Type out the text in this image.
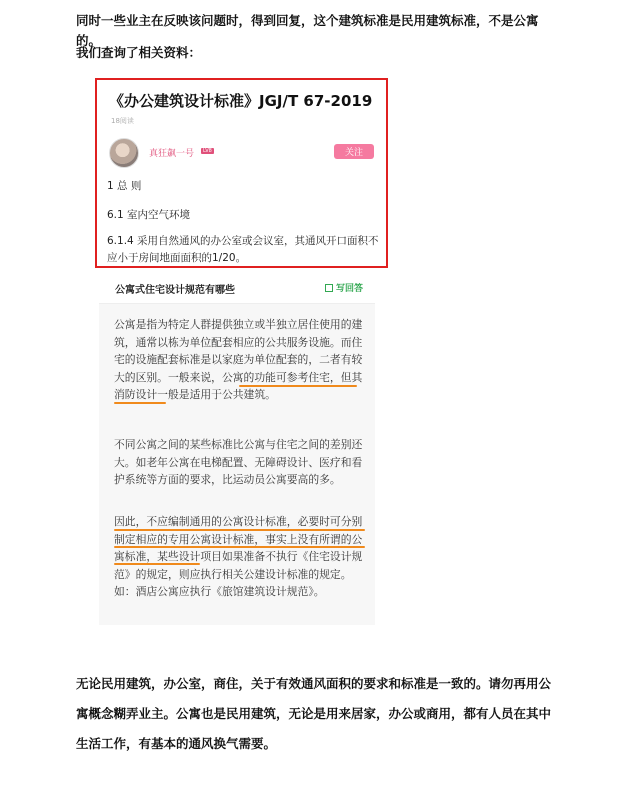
同时一些业主在反映该问题时，得到回复，这个建筑标准是民用建筑标准，不是公寓的。

我们查询了相关资料：

《办公建筑设计标准》JGJ/T 67-2019

18阅读
真狂飙一号	LV8	关注

1 总 则

6.1 室内空气环境

6.1.4 采用自然通风的办公室或会议室，其通风开口面积不应小于房间地面面积的1/20。

公寓式住宅设计规范有哪些	写回答

公寓是指为特定人群提供独立或半独立居住使用的建筑，通常以栋为单位配套相应的公共服务设施。而住宅的设施配套标准是以家庭为单位配套的，二者有较大的区别。一般来说，公寓的功能可参考住宅，但其消防设计一般是适用于公共建筑。

不同公寓之间的某些标准比公寓与住宅之间的差别还大。如老年公寓在电梯配置、无障碍设计、医疗和看护系统等方面的要求，比运动员公寓要高的多。

因此，不应编制通用的公寓设计标准，必要时可分别制定相应的专用公寓设计标准，事实上没有所谓的公寓标准，某些设计项目如果准备不执行《住宅设计规范》的规定，则应执行相关公建设计标准的规定。如：酒店公寓应执行《旅馆建筑设计规范》。

无论民用建筑，办公室，商住，关于有效通风面积的要求和标准是一致的。请勿再用公寓概念糊弄业主。公寓也是民用建筑，无论是用来居家，办公或商用，都有人员在其中生活工作，有基本的通风换气需要。
